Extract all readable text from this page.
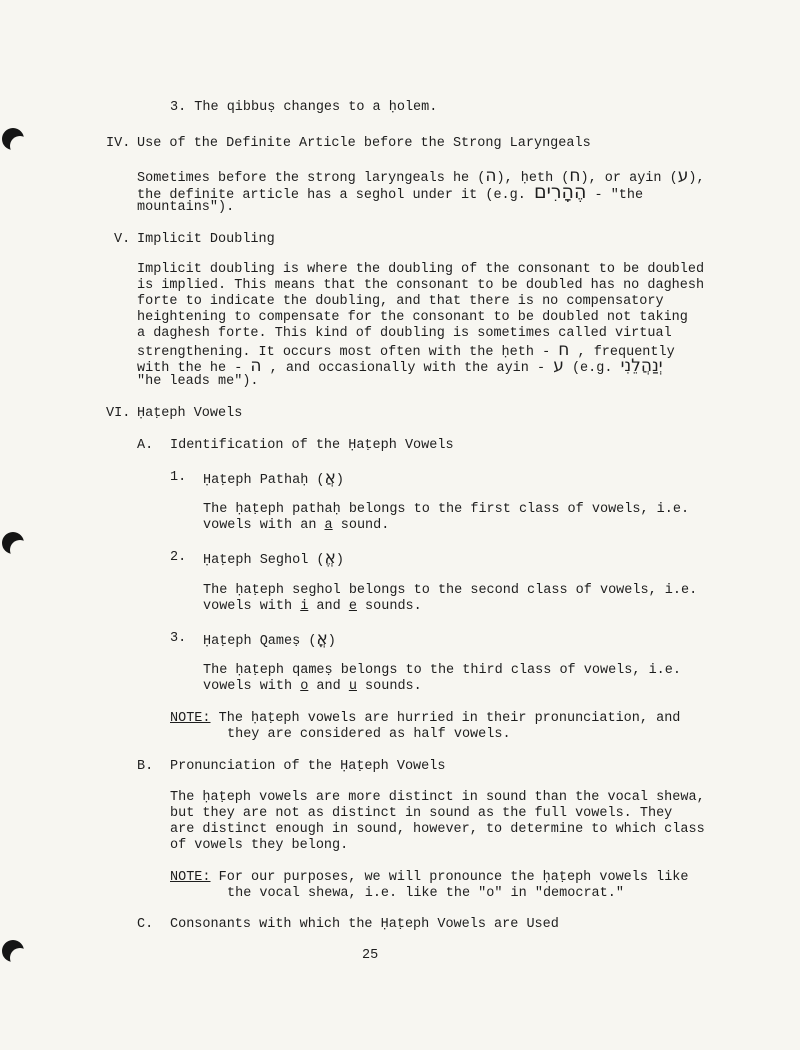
3. The qibbuṣ changes to a ḥolem.
IV. Use of the Definite Article before the Strong Laryngeals
Sometimes before the strong laryngeals he (ה), ḥeth (ח), or ayin (ע),
the definite article has a seghol under it (e.g. הֶהָרִים - "the
mountains").
V. Implicit Doubling
Implicit doubling is where the doubling of the consonant to be doubled
is implied. This means that the consonant to be doubled has no daghesh
forte to indicate the doubling, and that there is no compensatory
heightening to compensate for the consonant to be doubled not taking
a daghesh forte. This kind of doubling is sometimes called virtual
strengthening. It occurs most often with the ḥeth - ח , frequently
with the he - ה , and occasionally with the ayin - ע (e.g. יְנַהֲלֵנִי
"he leads me").
VI. Ḥaṭeph Vowels
A. Identification of the Ḥaṭeph Vowels
1. Ḥaṭeph Pathaḥ (אֲ)
The ḥaṭeph pathaḥ belongs to the first class of vowels, i.e.
vowels with an a sound.
2. Ḥaṭeph Seghol (אֱ)
The ḥaṭeph seghol belongs to the second class of vowels, i.e.
vowels with i and e sounds.
3. Ḥaṭeph Qameṣ (אֳ)
The ḥaṭeph qameṣ belongs to the third class of vowels, i.e.
vowels with o and u sounds.
NOTE: The ḥaṭeph vowels are hurried in their pronunciation, and
they are considered as half vowels.
B. Pronunciation of the Ḥaṭeph Vowels
The ḥaṭeph vowels are more distinct in sound than the vocal shewa,
but they are not as distinct in sound as the full vowels. They
are distinct enough in sound, however, to determine to which class
of vowels they belong.
NOTE: For our purposes, we will pronounce the ḥaṭeph vowels like
the vocal shewa, i.e. like the "o" in "democrat."
C. Consonants with which the Ḥaṭeph Vowels are Used
25
